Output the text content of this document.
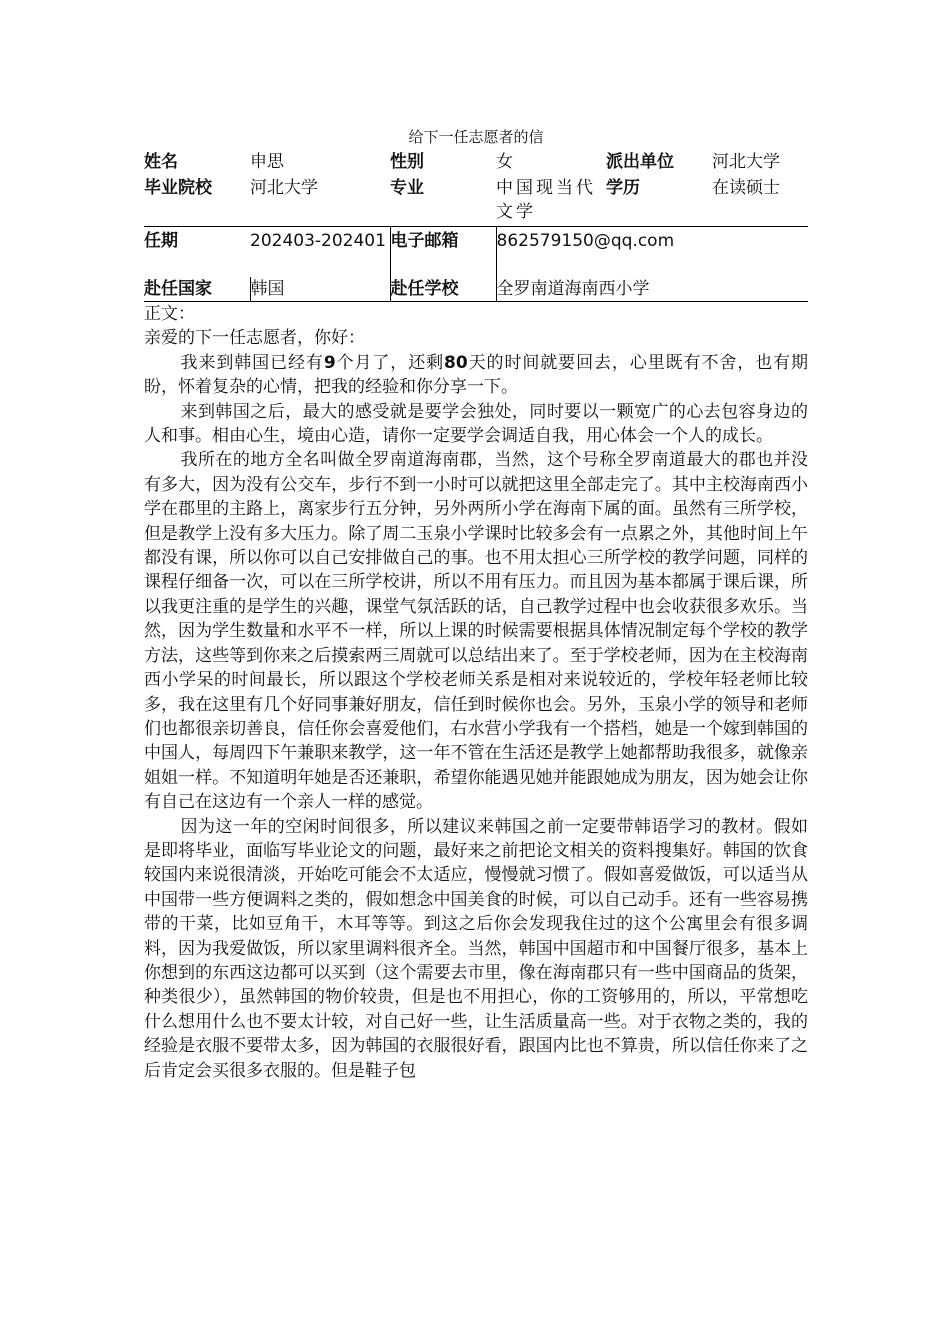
给下一任志愿者的信
姓名	申思	性别	女	派出单位	河北大学
毕业院校	河北大学	专业	中国现当代文学	学历	在读硕士
任期	202403-202401	电子邮箱	862579150@qq.com		
赴任国家	韩国	赴任学校	全罗南道海南西小学		

正文：

亲爱的下一任志愿者，你好：

我来到韩国已经有9个月了，还剩80天的时间就要回去，心里既有不舍，也有期盼，怀着复杂的心情，把我的经验和你分享一下。

来到韩国之后，最大的感受就是要学会独处，同时要以一颗宽广的心去包容身边的人和事。相由心生，境由心造，请你一定要学会调适自我，用心体会一个人的成长。

我所在的地方全名叫做全罗南道海南郡，当然，这个号称全罗南道最大的郡也并没有多大，因为没有公交车，步行不到一小时可以就把这里全部走完了。其中主校海南西小学在郡里的主路上，离家步行五分钟，另外两所小学在海南下属的面。虽然有三所学校，但是教学上没有多大压力。除了周二玉泉小学课时比较多会有一点累之外，其他时间上午都没有课，所以你可以自己安排做自己的事。也不用太担心三所学校的教学问题，同样的课程仔细备一次，可以在三所学校讲，所以不用有压力。而且因为基本都属于课后课，所以我更注重的是学生的兴趣，课堂气氛活跃的话，自己教学过程中也会收获很多欢乐。当然，因为学生数量和水平不一样，所以上课的时候需要根据具体情况制定每个学校的教学方法，这些等到你来之后摸索两三周就可以总结出来了。至于学校老师，因为在主校海南西小学呆的时间最长，所以跟这个学校老师关系是相对来说较近的，学校年轻老师比较多，我在这里有几个好同事兼好朋友，信任到时候你也会。另外，玉泉小学的领导和老师们也都很亲切善良，信任你会喜爱他们，右水营小学我有一个搭档，她是一个嫁到韩国的中国人，每周四下午兼职来教学，这一年不管在生活还是教学上她都帮助我很多，就像亲姐姐一样。不知道明年她是否还兼职，希望你能遇见她并能跟她成为朋友，因为她会让你有自己在这边有一个亲人一样的感觉。

因为这一年的空闲时间很多，所以建议来韩国之前一定要带韩语学习的教材。假如是即将毕业，面临写毕业论文的问题，最好来之前把论文相关的资料搜集好。韩国的饮食较国内来说很清淡，开始吃可能会不太适应，慢慢就习惯了。假如喜爱做饭，可以适当从中国带一些方便调料之类的，假如想念中国美食的时候，可以自己动手。还有一些容易携带的干菜，比如豆角干，木耳等等。到这之后你会发现我住过的这个公寓里会有很多调料，因为我爱做饭，所以家里调料很齐全。当然，韩国中国超市和中国餐厅很多，基本上你想到的东西这边都可以买到（这个需要去市里，像在海南郡只有一些中国商品的货架，种类很少），虽然韩国的物价较贵，但是也不用担心，你的工资够用的，所以，平常想吃什么想用什么也不要太计较，对自己好一些，让生活质量高一些。对于衣物之类的，我的经验是衣服不要带太多，因为韩国的衣服很好看，跟国内比也不算贵，所以信任你来了之后肯定会买很多衣服的。但是鞋子包
